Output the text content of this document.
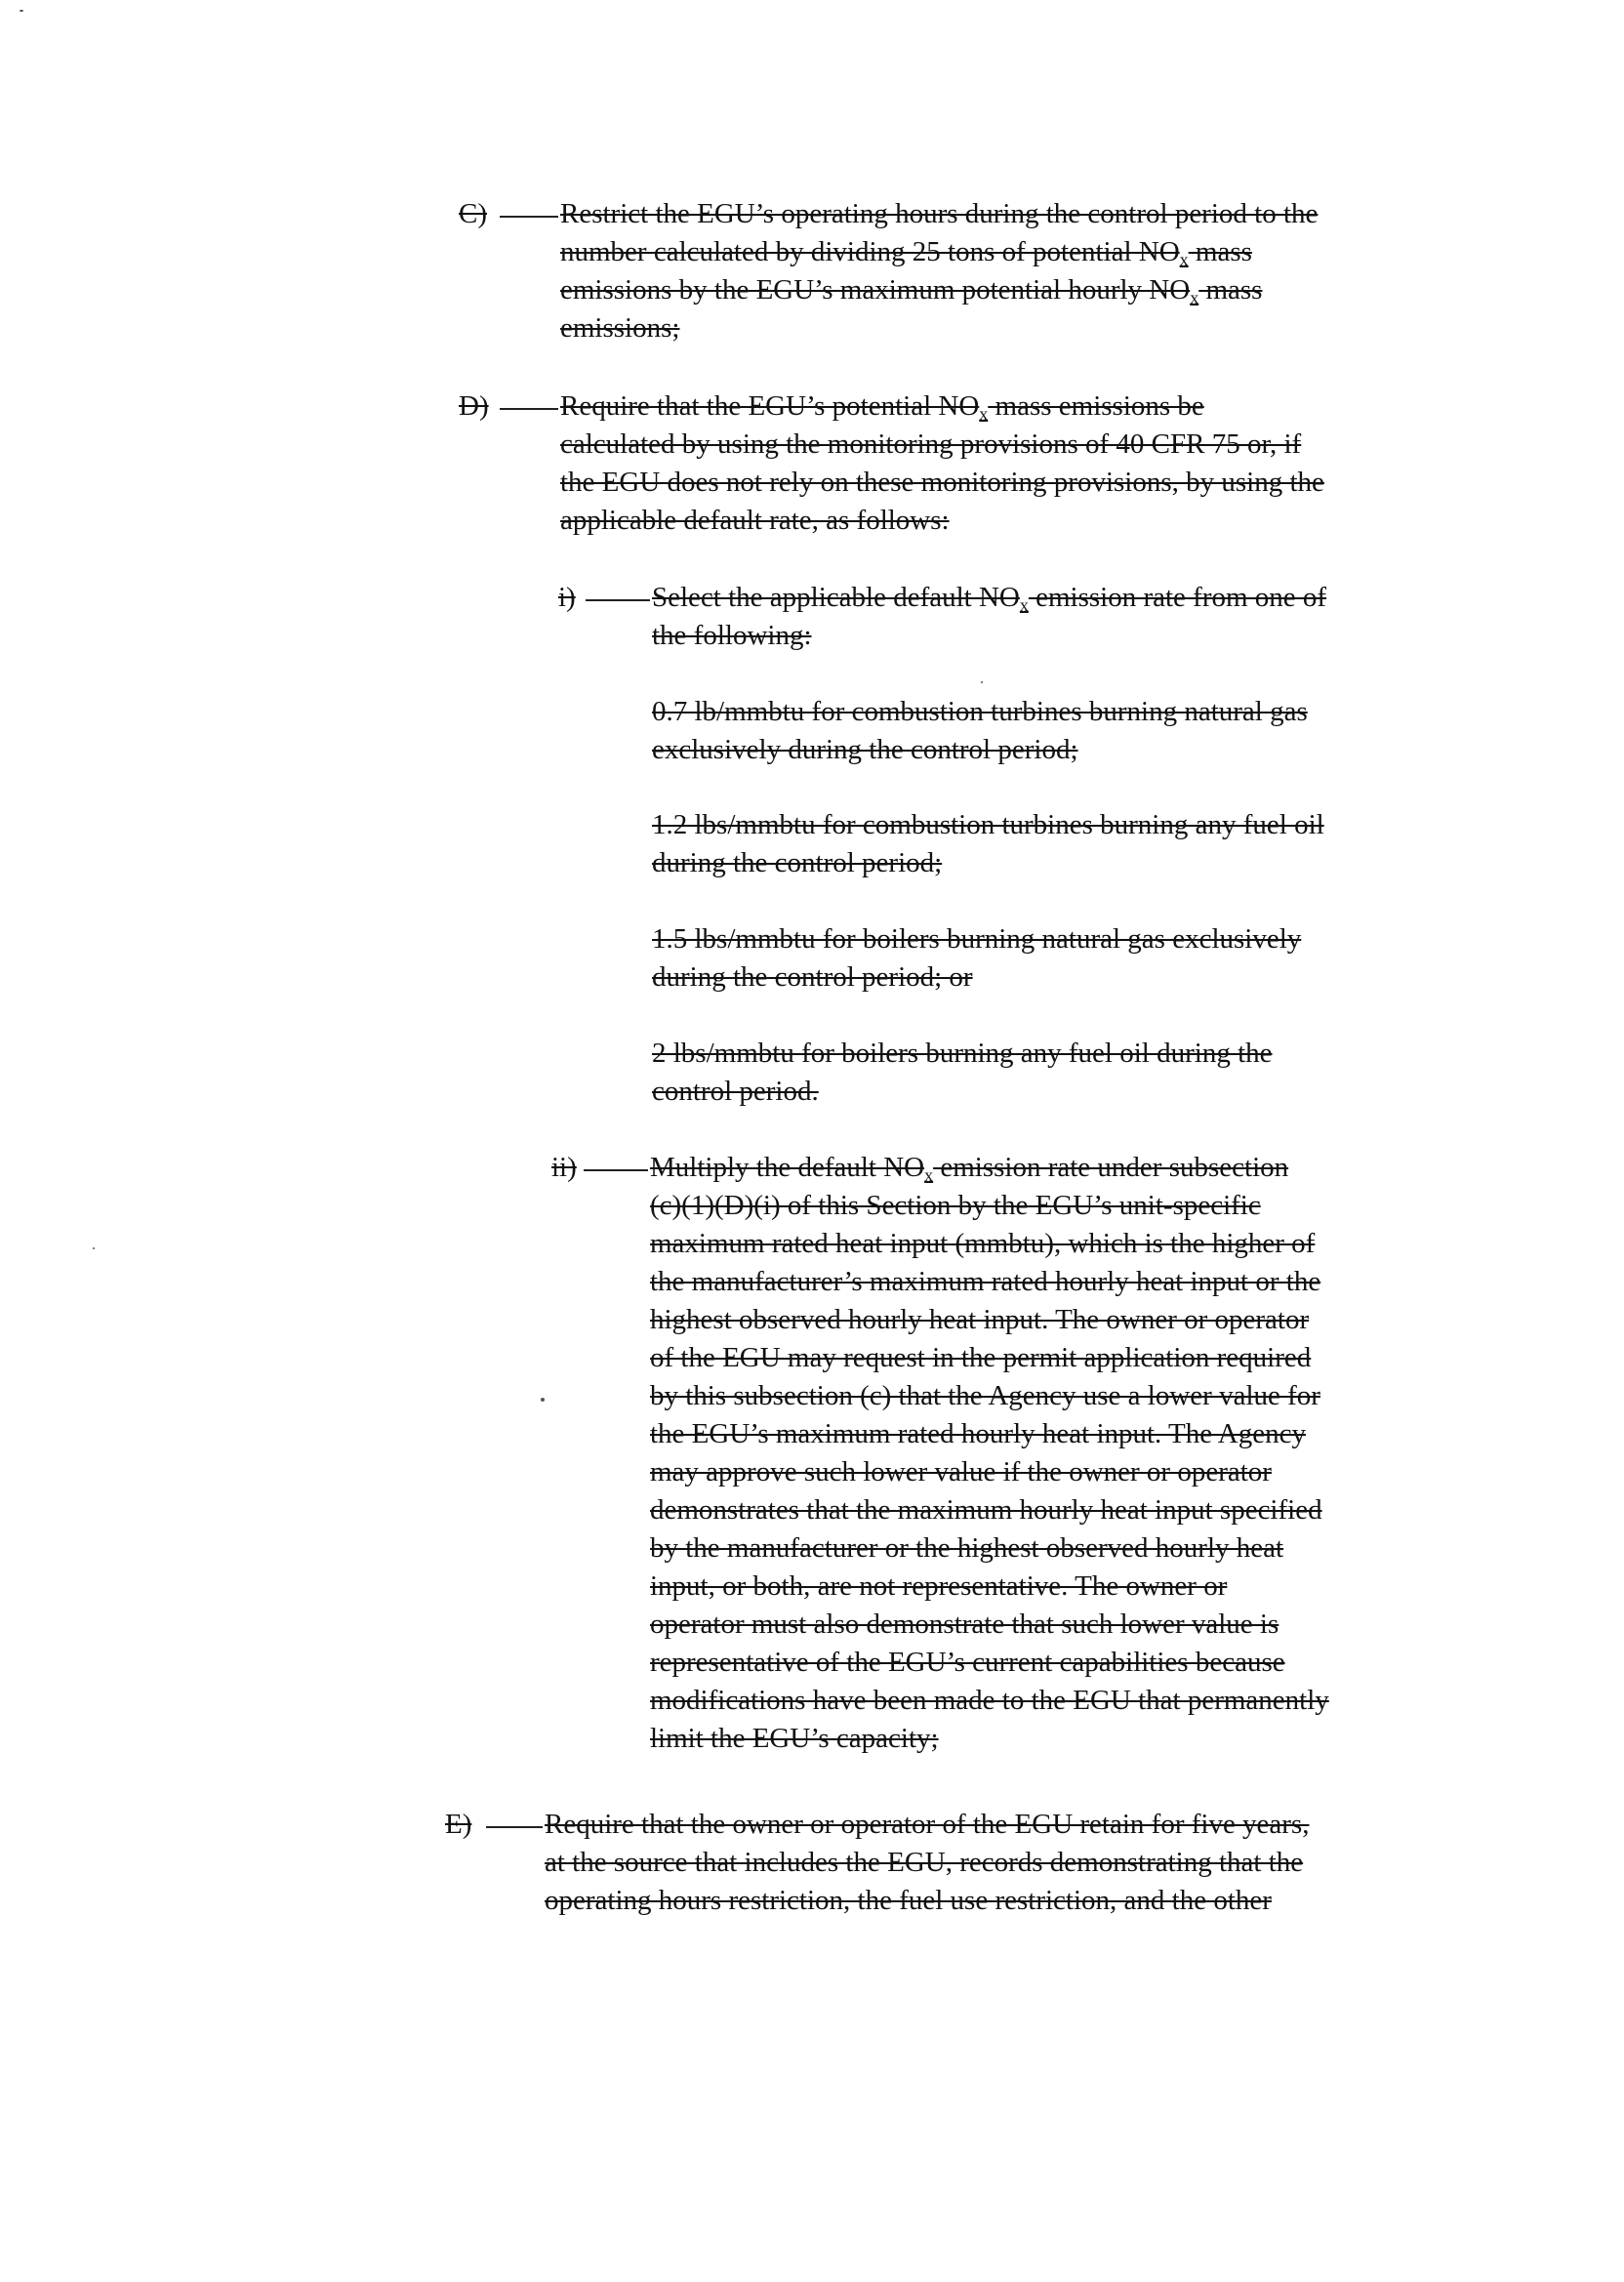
C)	Restrict the EGU’s operating hours during the control period to the
number calculated by dividing 25 tons of potential $NO_x$ mass
emissions by the EGU’s maximum potential hourly $NO_x$ mass
emissions;
D)	Require that the EGU’s potential $NO_x$ mass emissions be
calculated by using the monitoring provisions of 40 CFR 75 or, if
the EGU does not rely on these monitoring provisions, by using the
applicable default rate, as follows:
i)	Select the applicable default $NO_x$ emission rate from one of
the following:
0.7 lb/mmbtu for combustion turbines burning natural gas
exclusively during the control period;
1.2 lbs/mmbtu for combustion turbines burning any fuel oil
during the control period;
1.5 lbs/mmbtu for boilers burning natural gas exclusively
during the control period; or
2 lbs/mmbtu for boilers burning any fuel oil during the
control period.
ii)	Multiply the default $NO_x$ emission rate under subsection
(c)(1)(D)(i) of this Section by the EGU’s unit-specific
maximum rated heat input (mmbtu), which is the higher of
the manufacturer’s maximum rated hourly heat input or the
highest observed hourly heat input. The owner or operator
of the EGU may request in the permit application required
by this subsection (c) that the Agency use a lower value for
the EGU’s maximum rated hourly heat input. The Agency
may approve such lower value if the owner or operator
demonstrates that the maximum hourly heat input specified
by the manufacturer or the highest observed hourly heat
input, or both, are not representative. The owner or
operator must also demonstrate that such lower value is
representative of the EGU’s current capabilities because
modifications have been made to the EGU that permanently
limit the EGU’s capacity;
E)	Require that the owner or operator of the EGU retain for five years,
at the source that includes the EGU, records demonstrating that the
operating hours restriction, the fuel use restriction, and the other
